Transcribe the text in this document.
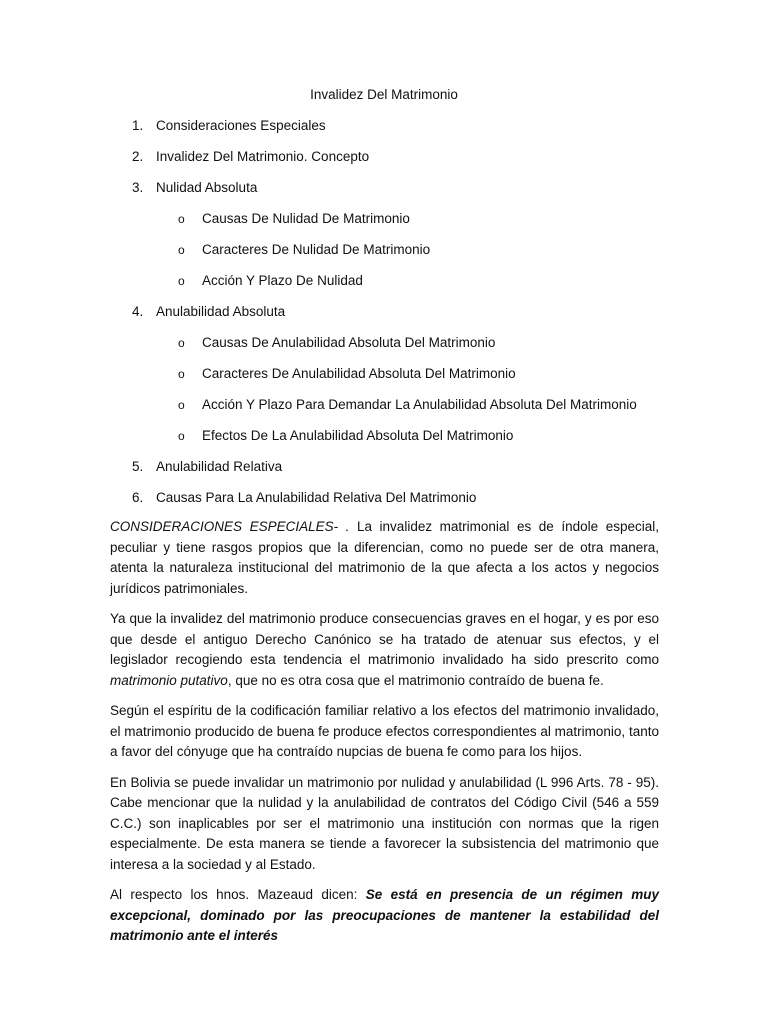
Invalidez Del Matrimonio
1. Consideraciones Especiales
2. Invalidez Del Matrimonio. Concepto
3. Nulidad Absoluta
o Causas De Nulidad De Matrimonio
o Caracteres De Nulidad De Matrimonio
o Acción Y Plazo De Nulidad
4. Anulabilidad Absoluta
o Causas De Anulabilidad Absoluta Del Matrimonio
o Caracteres De Anulabilidad Absoluta Del Matrimonio
o Acción Y Plazo Para Demandar La Anulabilidad Absoluta Del Matrimonio
o Efectos De La Anulabilidad Absoluta Del Matrimonio
5. Anulabilidad Relativa
6. Causas Para La Anulabilidad Relativa Del Matrimonio

CONSIDERACIONES ESPECIALES- . La invalidez matrimonial es de índole especial, peculiar y tiene rasgos propios que la diferencian, como no puede ser de otra manera, atenta la naturaleza institucional del matrimonio de la que afecta a los actos y negocios jurídicos patrimoniales.

Ya que la invalidez del matrimonio produce consecuencias graves en el hogar, y es por eso que desde el antiguo Derecho Canónico se ha tratado de atenuar sus efectos, y el legislador recogiendo esta tendencia el matrimonio invalidado ha sido prescrito como matrimonio putativo, que no es otra cosa que el matrimonio contraído de buena fe.

Según el espíritu de la codificación familiar relativo a los efectos del matrimonio invalidado, el matrimonio producido de buena fe produce efectos correspondientes al matrimonio, tanto a favor del cónyuge que ha contraído nupcias de buena fe como para los hijos.

En Bolivia se puede invalidar un matrimonio por nulidad y anulabilidad (L 996 Arts. 78 - 95). Cabe mencionar que la nulidad y la anulabilidad de contratos del Código Civil (546 a 559 C.C.) son inaplicables por ser el matrimonio una institución con normas que la rigen especialmente. De esta manera se tiende a favorecer la subsistencia del matrimonio que interesa a la sociedad y al Estado.

Al respecto los hnos. Mazeaud dicen: Se está en presencia de un régimen muy excepcional, dominado por las preocupaciones de mantener la estabilidad del matrimonio ante el interés
